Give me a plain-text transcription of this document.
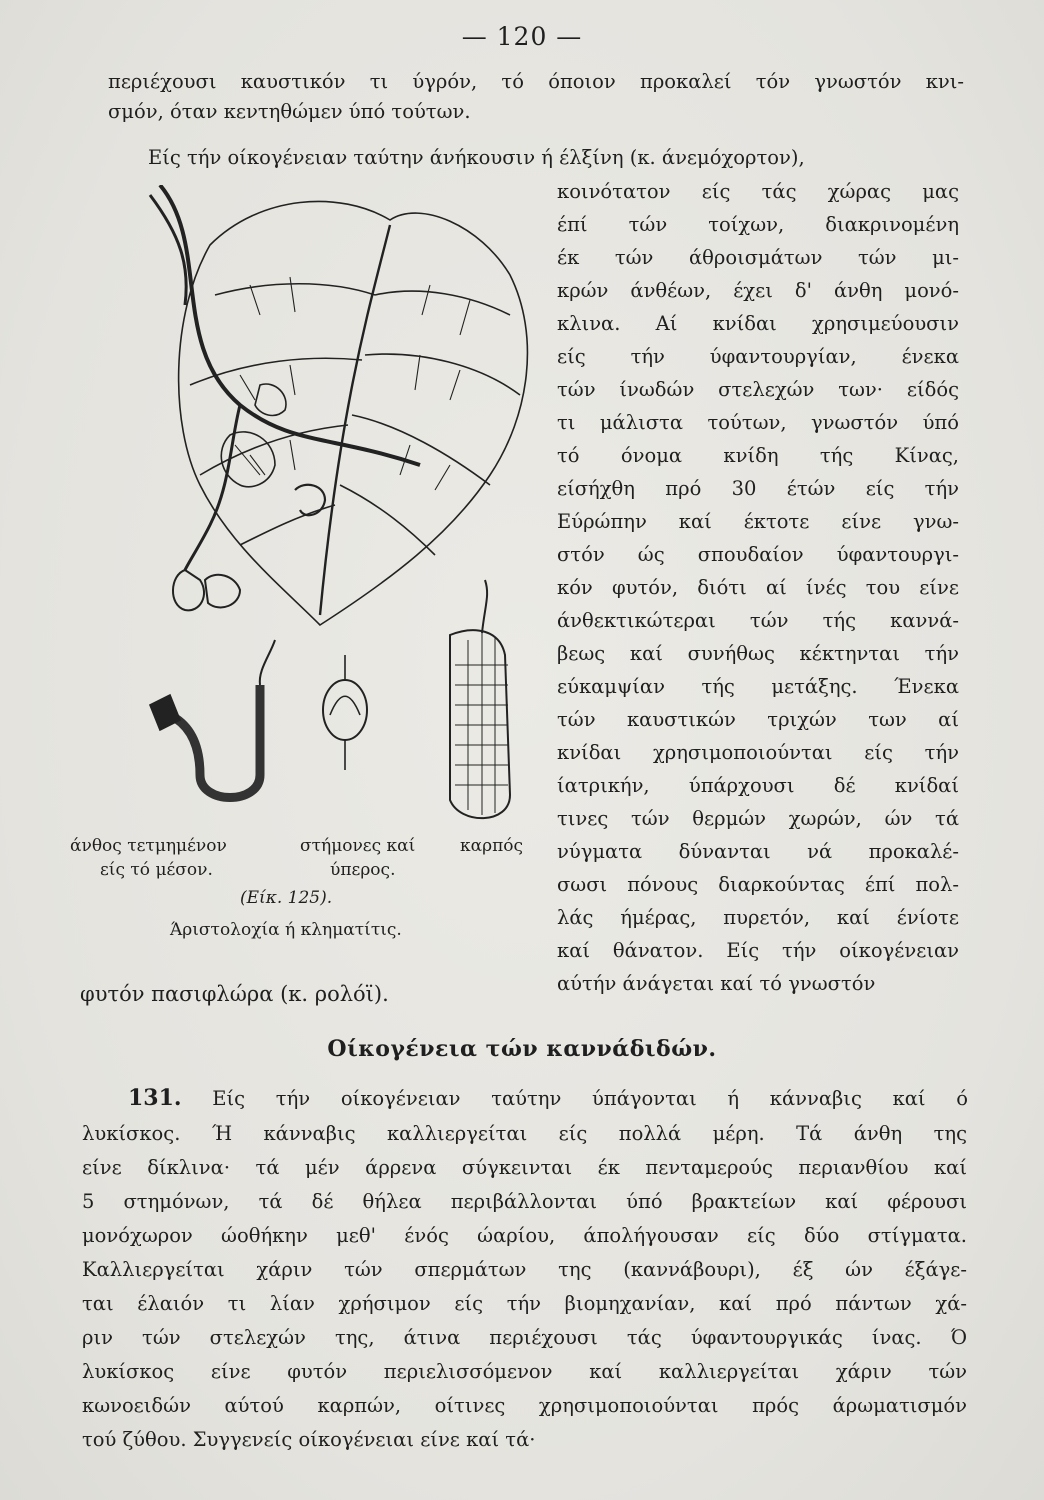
— 120 —
περιέχουσι καυστικόν τι ύγρόν, τό όποιον προκαλεί τόν γνωστόν κνι-
σμόν, όταν κεντηθώμεν ύπό τούτων.
Είς τήν οίκογένειαν ταύτην άνήκουσιν ή έλξίνη (κ. άνεμόχορτον),
κοινότατον είς τάς χώρας μας
έπί τών τοίχων, διακρινομένη
έκ τών άθροισμάτων τών μι-
κρών άνθέων, έχει δ' άνθη μονό-
κλινα. Αί κνίδαι χρησιμεύουσιν
είς τήν ύφαντουργίαν, ένεκα
τών ίνωδών στελεχών των· είδός
τι μάλιστα τούτων, γνωστόν ύπό
τό όνομα κνίδη τής Κίνας,
είσήχθη πρό 30 έτών είς τήν
Εύρώπην καί έκτοτε είνε γνω-
στόν ώς σπουδαίον ύφαντουργι-
κόν φυτόν, διότι αί ίνές του είνε
άνθεκτικώτεραι τών τής καννά-
βεως καί συνήθως κέκτηνται τήν
εύκαμψίαν τής μετάξης. Ένεκα
τών καυστικών τριχών των αί
κνίδαι χρησιμοποιούνται είς τήν
ίατρικήν, ύπάρχουσι δέ κνίδαί
τινες τών θερμών χωρών, ών τά
νύγματα δύνανται νά προκαλέ-
σωσι πόνους διαρκούντας έπί πολ-
λάς ήμέρας, πυρετόν, καί ένίοτε
καί θάνατον. Είς τήν οίκογένειαν
αύτήν άνάγεται καί τό γνωστόν
άνθος τετμημένον
είς τό μέσον.
στήμονες καί
ύπερος.
καρπός
(Είκ. 125).
Άριστολοχία ή κληματίτις.
φυτόν πασιφλώρα (κ. ρολόϊ).
Οίκογένεια τών καννάδιδών.
131. Είς τήν οίκογένειαν ταύτην ύπάγονται ή κάνναβις καί ό
λυκίσκος. Ή κάνναβις καλλιεργείται είς πολλά μέρη. Τά άνθη της
είνε δίκλινα· τά μέν άρρενα σύγκεινται έκ πενταμερούς περιανθίου καί
5 στημόνων, τά δέ θήλεα περιβάλλονται ύπό βρακτείων καί φέρουσι
μονόχωρον ώοθήκην μεθ' ένός ώαρίου, άπολήγουσαν είς δύο στίγματα.
Καλλιεργείται χάριν τών σπερμάτων της (καννάβουρι), έξ ών έξάγε-
ται έλαιόν τι λίαν χρήσιμον είς τήν βιομηχανίαν, καί πρό πάντων χά-
ριν τών στελεχών της, άτινα περιέχουσι τάς ύφαντουργικάς ίνας. Ό
λυκίσκος είνε φυτόν περιελισσόμενον καί καλλιεργείται χάριν τών
κωνοειδών αύτού καρπών, οίτινες χρησιμοποιούνται πρός άρωματισμόν
τού ζύθου. Συγγενείς οίκογένειαι είνε καί τά·
